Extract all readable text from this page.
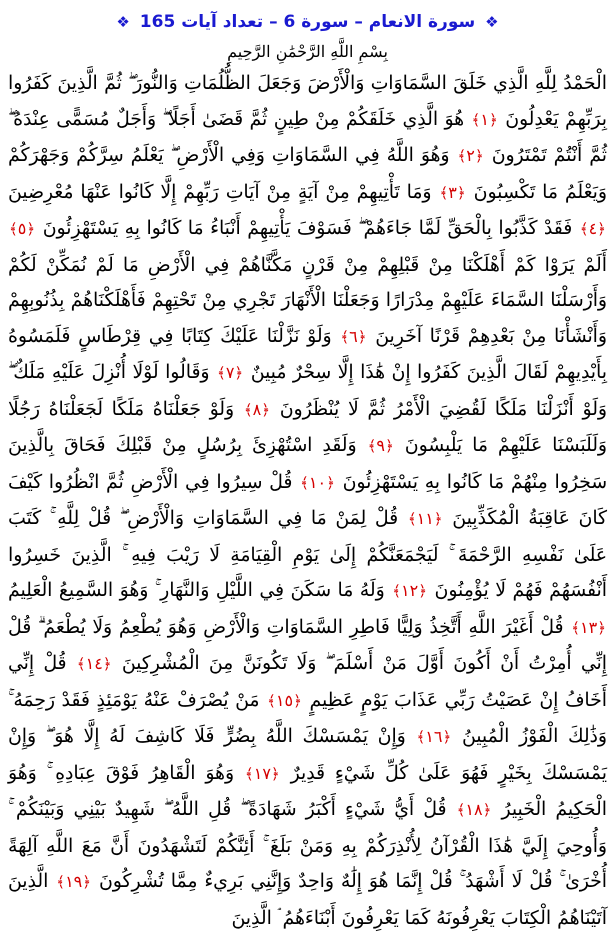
❖ سورة الانعام – سورة 6 – تعداد آيات 165 ❖
بِسْمِ اللَّهِ الرَّحْمَٰنِ الرَّحِيمِ
الْحَمْدُ لِلَّهِ الَّذِي خَلَقَ السَّمَاوَاتِ وَالْأَرْضَ وَجَعَلَ الظُّلُمَاتِ وَالنُّورَ ۖ ثُمَّ الَّذِينَ كَفَرُوا بِرَبِّهِمْ يَعْدِلُونَ ﴿١﴾ هُوَ الَّذِي خَلَقَكُمْ مِنْ طِينٍ ثُمَّ قَضَىٰ أَجَلًا ۖ وَأَجَلٌ مُسَمًّى عِنْدَهُ ۖ ثُمَّ أَنْتُمْ تَمْتَرُونَ ﴿٢﴾ وَهُوَ اللَّهُ فِي السَّمَاوَاتِ وَفِي الْأَرْضِ ۖ يَعْلَمُ سِرَّكُمْ وَجَهْرَكُمْ وَيَعْلَمُ مَا تَكْسِبُونَ ﴿٣﴾ وَمَا تَأْتِيهِمْ مِنْ آيَةٍ مِنْ آيَاتِ رَبِّهِمْ إِلَّا كَانُوا عَنْهَا مُعْرِضِينَ ﴿٤﴾ فَقَدْ كَذَّبُوا بِالْحَقِّ لَمَّا جَاءَهُمْ ۖ فَسَوْفَ يَأْتِيهِمْ أَنْبَاءُ مَا كَانُوا بِهِ يَسْتَهْزِئُونَ ﴿٥﴾ أَلَمْ يَرَوْا كَمْ أَهْلَكْنَا مِنْ قَبْلِهِمْ مِنْ قَرْنٍ مَكَّنَّاهُمْ فِي الْأَرْضِ مَا لَمْ نُمَكِّنْ لَكُمْ وَأَرْسَلْنَا السَّمَاءَ عَلَيْهِمْ مِدْرَارًا وَجَعَلْنَا الْأَنْهَارَ تَجْرِي مِنْ تَحْتِهِمْ فَأَهْلَكْنَاهُمْ بِذُنُوبِهِمْ وَأَنْشَأْنَا مِنْ بَعْدِهِمْ قَرْنًا آخَرِينَ ﴿٦﴾ وَلَوْ نَزَّلْنَا عَلَيْكَ كِتَابًا فِي قِرْطَاسٍ فَلَمَسُوهُ بِأَيْدِيهِمْ لَقَالَ الَّذِينَ كَفَرُوا إِنْ هَٰذَا إِلَّا سِحْرٌ مُبِينٌ ﴿٧﴾ وَقَالُوا لَوْلَا أُنْزِلَ عَلَيْهِ مَلَكٌ ۖ وَلَوْ أَنْزَلْنَا مَلَكًا لَقُضِيَ الْأَمْرُ ثُمَّ لَا يُنْظَرُونَ ﴿٨﴾ وَلَوْ جَعَلْنَاهُ مَلَكًا لَجَعَلْنَاهُ رَجُلًا وَلَلَبَسْنَا عَلَيْهِمْ مَا يَلْبِسُونَ ﴿٩﴾ وَلَقَدِ اسْتُهْزِئَ بِرُسُلٍ مِنْ قَبْلِكَ فَحَاقَ بِالَّذِينَ سَخِرُوا مِنْهُمْ مَا كَانُوا بِهِ يَسْتَهْزِئُونَ ﴿١٠﴾ قُلْ سِيرُوا فِي الْأَرْضِ ثُمَّ انْظُرُوا كَيْفَ كَانَ عَاقِبَةُ الْمُكَذِّبِينَ ﴿١١﴾ قُلْ لِمَنْ مَا فِي السَّمَاوَاتِ وَالْأَرْضِ ۖ قُلْ لِلَّهِ ۚ كَتَبَ عَلَىٰ نَفْسِهِ الرَّحْمَةَ ۚ لَيَجْمَعَنَّكُمْ إِلَىٰ يَوْمِ الْقِيَامَةِ لَا رَيْبَ فِيهِ ۚ الَّذِينَ خَسِرُوا أَنْفُسَهُمْ فَهُمْ لَا يُؤْمِنُونَ ﴿١٢﴾ وَلَهُ مَا سَكَنَ فِي اللَّيْلِ وَالنَّهَارِ ۚ وَهُوَ السَّمِيعُ الْعَلِيمُ ﴿١٣﴾ قُلْ أَغَيْرَ اللَّهِ أَتَّخِذُ وَلِيًّا فَاطِرِ السَّمَاوَاتِ وَالْأَرْضِ وَهُوَ يُطْعِمُ وَلَا يُطْعَمُ ۗ قُلْ إِنِّي أُمِرْتُ أَنْ أَكُونَ أَوَّلَ مَنْ أَسْلَمَ ۖ وَلَا تَكُونَنَّ مِنَ الْمُشْرِكِينَ ﴿١٤﴾ قُلْ إِنِّي أَخَافُ إِنْ عَصَيْتُ رَبِّي عَذَابَ يَوْمٍ عَظِيمٍ ﴿١٥﴾ مَنْ يُصْرَفْ عَنْهُ يَوْمَئِذٍ فَقَدْ رَحِمَهُ ۚ وَذَٰلِكَ الْفَوْزُ الْمُبِينُ ﴿١٦﴾ وَإِنْ يَمْسَسْكَ اللَّهُ بِضُرٍّ فَلَا كَاشِفَ لَهُ إِلَّا هُوَ ۖ وَإِنْ يَمْسَسْكَ بِخَيْرٍ فَهُوَ عَلَىٰ كُلِّ شَيْءٍ قَدِيرٌ ﴿١٧﴾ وَهُوَ الْقَاهِرُ فَوْقَ عِبَادِهِ ۚ وَهُوَ الْحَكِيمُ الْخَبِيرُ ﴿١٨﴾ قُلْ أَيُّ شَيْءٍ أَكْبَرُ شَهَادَةً ۖ قُلِ اللَّهُ ۖ شَهِيدٌ بَيْنِي وَبَيْنَكُمْ ۚ وَأُوحِيَ إِلَيَّ هَٰذَا الْقُرْآنُ لِأُنْذِرَكُمْ بِهِ وَمَنْ بَلَغَ ۚ أَئِنَّكُمْ لَتَشْهَدُونَ أَنَّ مَعَ اللَّهِ آلِهَةً أُخْرَىٰ ۚ قُلْ لَا أَشْهَدُ ۚ قُلْ إِنَّمَا هُوَ إِلَٰهٌ وَاحِدٌ وَإِنَّنِي بَرِيءٌ مِمَّا تُشْرِكُونَ ﴿١٩﴾ الَّذِينَ آتَيْنَاهُمُ الْكِتَابَ يَعْرِفُونَهُ كَمَا يَعْرِفُونَ أَبْنَاءَهُمُ ۘ الَّذِينَ
